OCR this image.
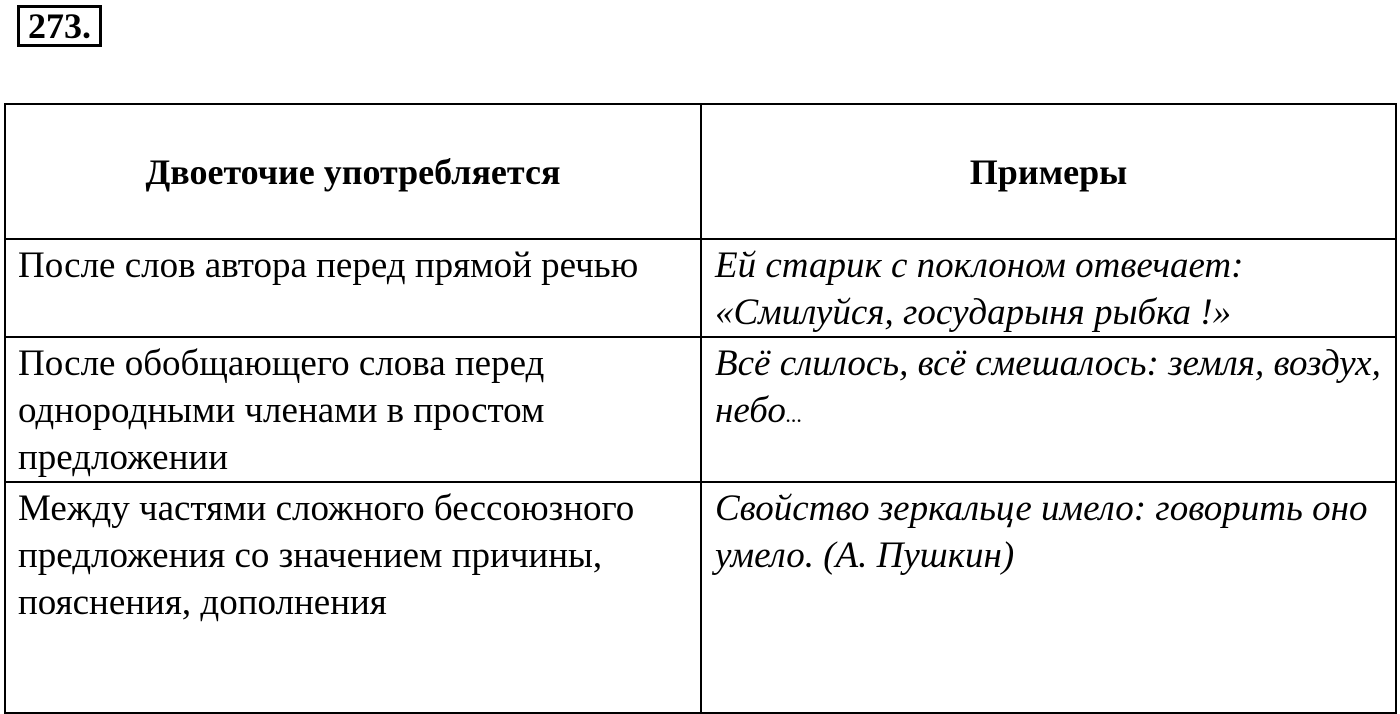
273.
Двоеточие употребляется	Примеры

После слов автора перед прямой речью	Ей старик с поклоном отвечает: «Смилуйся, государыня рыбка !»

После обобщающего слова перед однородными членами в простом предложении	Всё слилось, всё смешалось: земля, воздух, небо...

Между частями сложного бессоюзного предложения со значением причины, пояснения, дополнения	Свойство зеркальце имело: говорить оно умело. (А. Пушкин)
